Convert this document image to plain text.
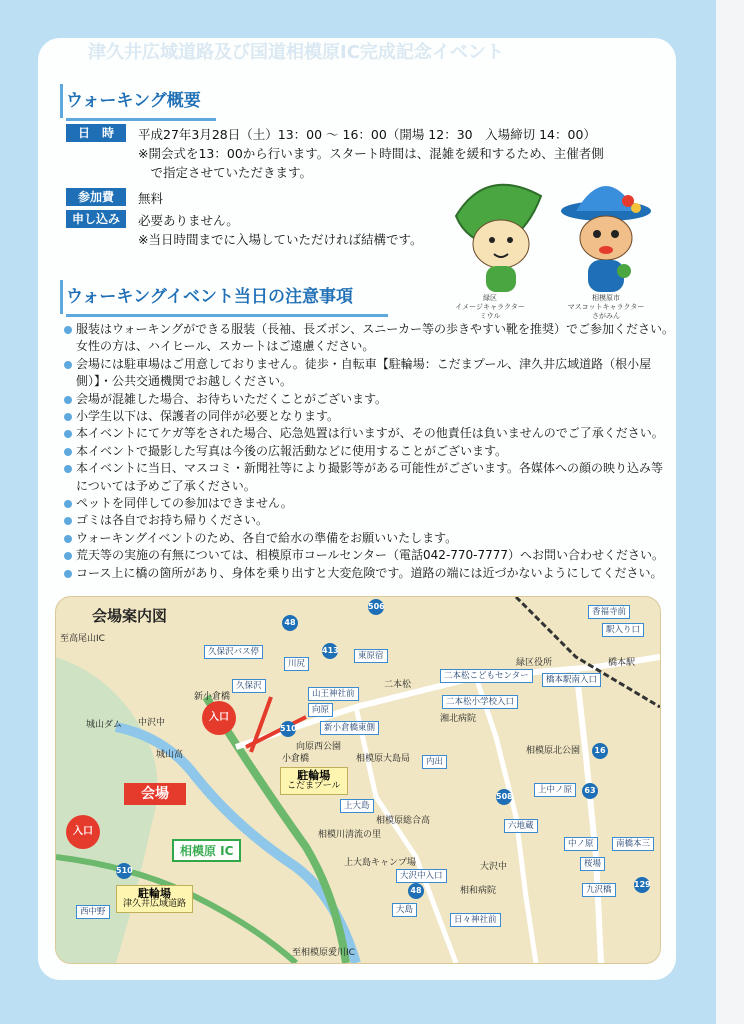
津久井広域道路及び国道相模原IC完成記念イベント
ウォーキング概要
日　時	平成27年3月28日（土）13：00 ～ 16：00（開場 12：30　入場締切 14：00）
※開会式を13：00から行います。スタート時間は、混雑を緩和するため、主催者側
　で指定させていただきます。
参加費	無料
申し込み	必要ありません。
※当日時間までに入場していただければ結構です。
緑区
イメージキャラクター
ミウル
相模原市
マスコットキャラクター
さがみん
ウォーキングイベント当日の注意事項
服装はウォーキングができる服装（長袖、長ズボン、スニーカー等の歩きやすい靴を推奨）でご参加ください。
女性の方は、ハイヒール、スカートはご遠慮ください。
会場には駐車場はご用意しておりません。徒歩・自転車【駐輪場：こだまプール、津久井広域道路（根小屋
側）】・公共交通機関でお越しください。
会場が混雑した場合、お待ちいただくことがございます。
小学生以下は、保護者の同伴が必要となります。
本イベントにてケガ等をされた場合、応急処置は行いますが、その他責任は負いませんのでご了承ください。
本イベントで撮影した写真は今後の広報活動などに使用することがございます。
本イベントに当日、マスコミ・新聞社等により撮影等がある可能性がございます。各媒体への顔の映り込み等
については予めご了承ください。
ペットを同伴しての参加はできません。
ゴミは各自でお持ち帰りください。
ウォーキングイベントのため、各自で給水の準備をお願いいたします。
荒天等の実施の有無については、相模原市コールセンター（電話042-770-7777）へお問い合わせください。
コース上に橋の箇所があり、身体を乗り出すと大変危険です。道路の端には近づかないようにしてください。
会場案内図
会場
入口
入口
相模原 IC
駐輪場
こだまプール
駐輪場
津久井広域道路
至高尾山IC
至相模原愛川IC
久保沢バス停
久保沢
川尻
山王神社前
向原
新小倉橋東側
向原西公園
小倉橋
新小倉橋
中沢中
城山高
城山ダム
東原宿
二本松こどもセンター
二本松小学校入口
二本松
湘北病院
緑区役所
橋本駅南入口
香福寺前
駅入り口
橋本駅
相模原大島局	内出
相模原北公園
上中ノ原
上大島
相模原総合高
相模川清流の里
六地蔵
中ノ原
上大島キャンプ場
大沢中入口
大沢中
相和病院
桜場
九沢橋
南橋本三
大島
日々神社前
西中野
48
413
506
510
16
508
63
129
48
510
